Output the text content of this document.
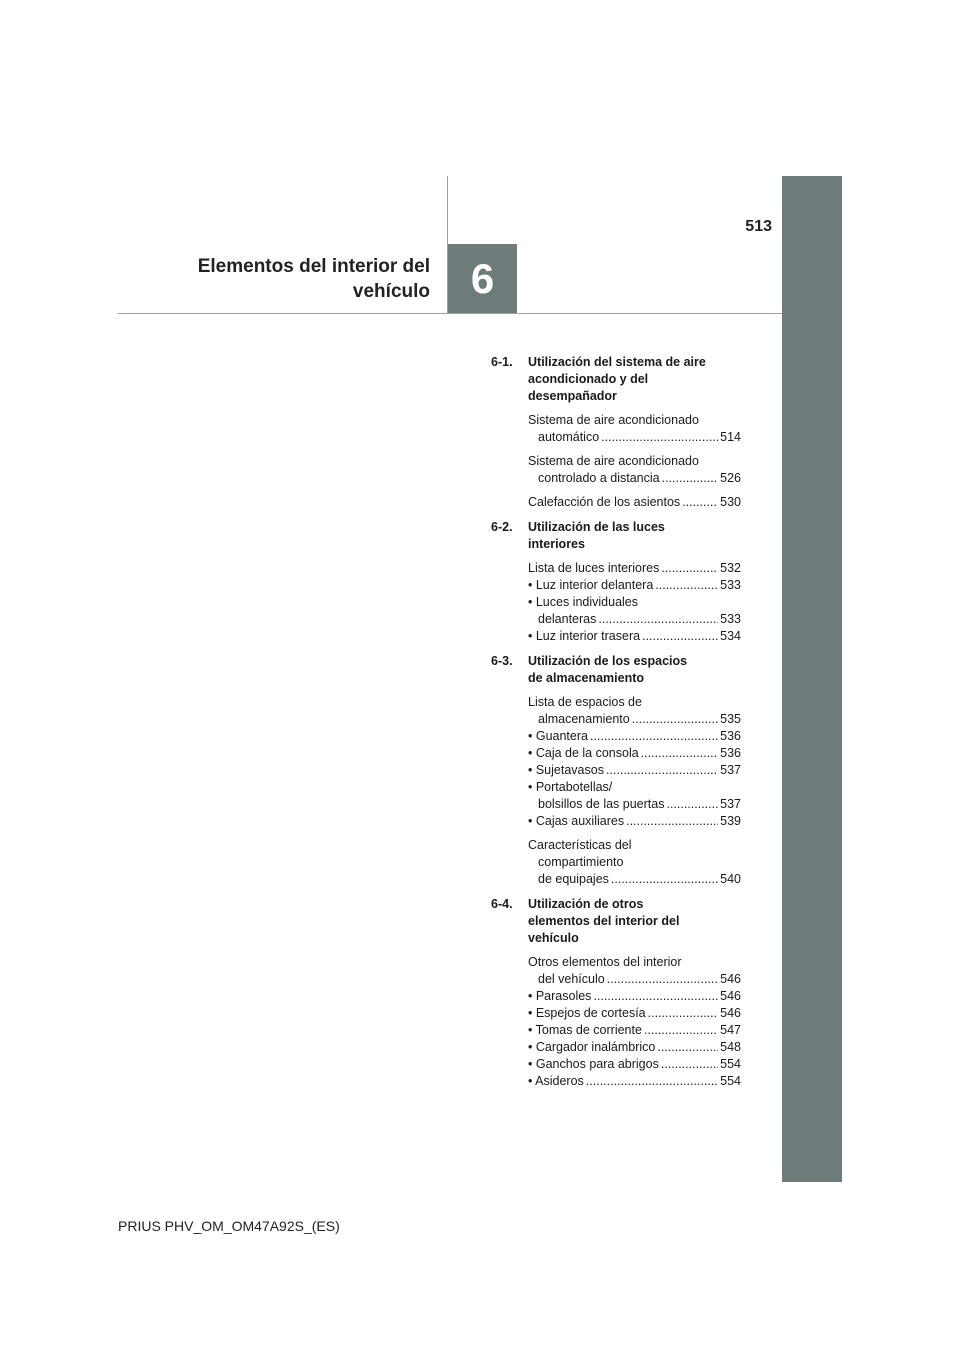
513
Elementos del interior del
vehículo 6
6-1.	Utilización del sistema de aire
acondicionado y del
desempañador
Sistema de aire acondicionado
automático .....	514
Sistema de aire acondicionado
controlado a distancia .....	526
Calefacción de los asientos .....	530
6-2.	Utilización de las luces
interiores
Lista de luces interiores .....	532
• Luz interior delantera .....	533
• Luces individuales
delanteras .....	533
• Luz interior trasera .....	534
6-3.	Utilización de los espacios
de almacenamiento
Lista de espacios de
almacenamiento .....	535
• Guantera .....	536
• Caja de la consola .....	536
• Sujetavasos .....	537
• Portabotellas/
bolsillos de las puertas .....	537
• Cajas auxiliares .....	539
Características del
compartimiento
de equipajes .....	540
6-4.	Utilización de otros
elementos del interior del
vehículo
Otros elementos del interior
del vehículo .....	546
• Parasoles .....	546
• Espejos de cortesía .....	546
• Tomas de corriente .....	547
• Cargador inalámbrico .....	548
• Ganchos para abrigos .....	554
• Asideros .....	554
PRIUS PHV_OM_OM47A92S_(ES)
